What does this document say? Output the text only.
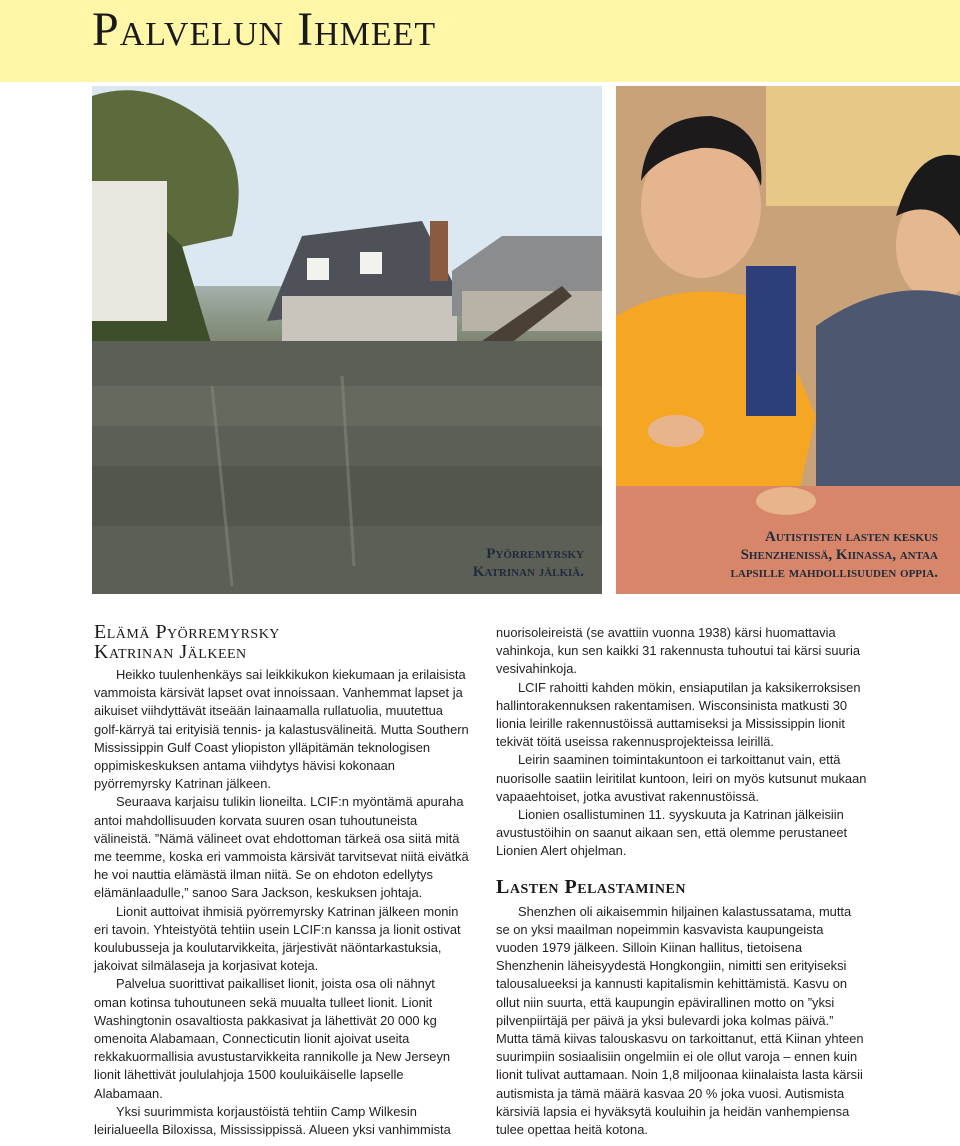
Palvelun Ihmeet
Pyörremyrsky
Katrinan jälkiä.
Autististen lasten keskus
Shenzhenissä, Kiinassa, antaa
lapsille mahdollisuuden oppia.
Elämä Pyörremyrsky
Katrinan Jälkeen

Heikko tuulenhenkäys sai leikkikukon kiekumaan ja erilaisista vammoista kärsivät lapset ovat innoissaan. Vanhemmat lapset ja aikuiset viihdyttävät itseään lainaamalla rullatuolia, muutettua golf-kärryä tai erityisiä tennis- ja kalastusvälineitä. Mutta Southern Mississippin Gulf Coast yliopiston ylläpitämän teknologisen oppimiskeskuksen antama viihdytys hävisi kokonaan pyörremyrsky Katrinan jälkeen.

Seuraava karjaisu tulikin lioneilta. LCIF:n myöntämä apuraha antoi mahdollisuuden korvata suuren osan tuhoutuneista välineistä. ”Nämä välineet ovat ehdottoman tärkeä osa siitä mitä me teemme, koska eri vammoista kärsivät tarvitsevat niitä eivätkä he voi nauttia elämästä ilman niitä. Se on ehdoton edellytys elämänlaadulle,” sanoo Sara Jackson, keskuksen johtaja.

Lionit auttoivat ihmisiä pyörremyrsky Katrinan jälkeen monin eri tavoin. Yhteistyötä tehtiin usein LCIF:n kanssa ja lionit ostivat koulubusseja ja koulutarvikkeita, järjestivät näöntarkastuksia, jakoivat silmälaseja ja korjasivat koteja.

Palvelua suorittivat paikalliset lionit, joista osa oli nähnyt oman kotinsa tuhoutuneen sekä muualta tulleet lionit. Lionit Washingtonin osavaltiosta pakkasivat ja lähettivät 20 000 kg omenoita Alabamaan, Connecticutin lionit ajoivat useita rekkakuormallisia avustustarvikkeita rannikolle ja New Jerseyn lionit lähettivät joululahjoja 1500 kouluikäiselle lapselle Alabamaan.

Yksi suurimmista korjaustöistä tehtiin Camp Wilkesin leirialueella Biloxissa, Mississippissä. Alueen yksi vanhimmista

nuorisoleireistä (se avattiin vuonna 1938) kärsi huomattavia vahinkoja, kun sen kaikki 31 rakennusta tuhoutui tai kärsi suuria vesivahinkoja.

LCIF rahoitti kahden mökin, ensiaputilan ja kaksikerroksisen hallintorakennuksen rakentamisen. Wisconsinista matkusti 30 lionia leirille rakennustöissä auttamiseksi ja Mississippin lionit tekivät töitä useissa rakennusprojekteissa leirillä.

Leirin saaminen toimintakuntoon ei tarkoittanut vain, että nuorisolle saatiin leiritilat kuntoon, leiri on myös kutsunut mukaan vapaaehtoiset, jotka avustivat rakennustöissä.

Lionien osallistuminen 11. syyskuuta ja Katrinan jälkeisiin avustustöihin on saanut aikaan sen, että olemme perustaneet Lionien Alert ohjelman.

Lasten Pelastaminen

Shenzhen oli aikaisemmin hiljainen kalastussatama, mutta se on yksi maailman nopeimmin kasvavista kaupungeista vuoden 1979 jälkeen. Silloin Kiinan hallitus, tietoisena Shenzhenin läheisyydestä Hongkongiin, nimitti sen erityiseksi talousalueeksi ja kannusti kapitalismin kehittämistä. Kasvu on ollut niin suurta, että kaupungin epävirallinen motto on ”yksi pilvenpiirtäjä per päivä ja yksi bulevardi joka kolmas päivä.” Mutta tämä kiivas talouskasvu on tarkoittanut, että Kiinan yhteen suurimpiin sosiaalisiin ongelmiin ei ole ollut varoja – ennen kuin lionit tulivat auttamaan. Noin 1,8 miljoonaa kiinalaista lasta kärsii autismista ja tämä määrä kasvaa 20 % joka vuosi. Autismista kärsiviä lapsia ei hyväksytä kouluihin ja heidän vanhempiensa tulee opettaa heitä kotona.
